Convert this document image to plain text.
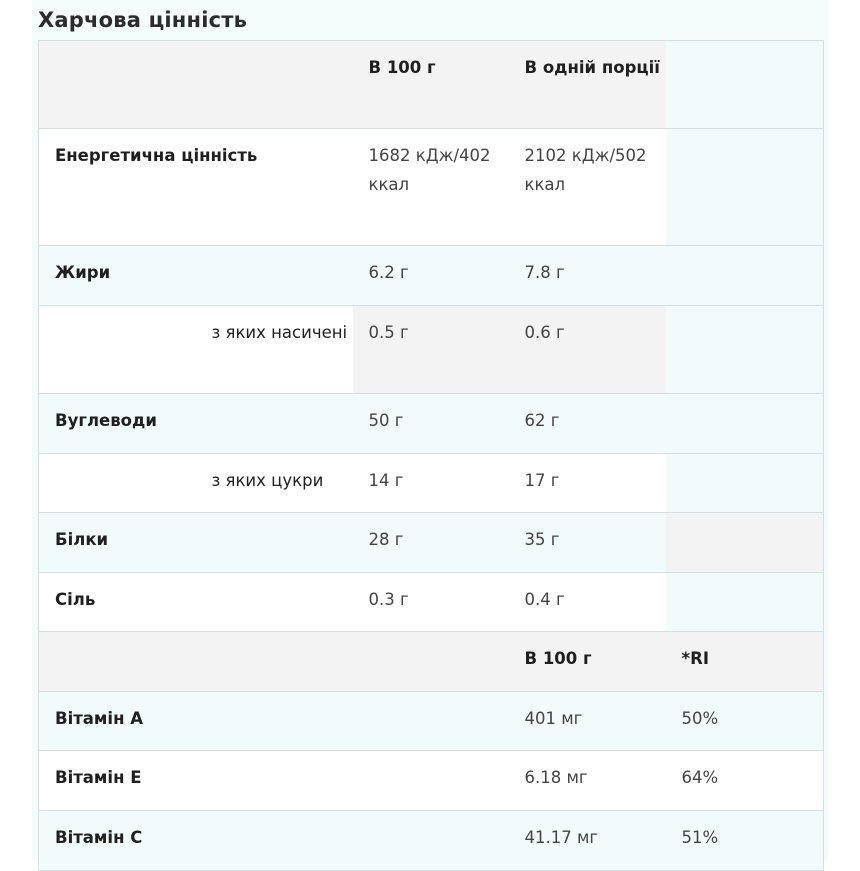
Харчова цінність
		В 100 г	В одній порції	
Енергетична цінність		1682 кДж/402 ккал	2102 кДж/502 ккал	
Жири		6.2 г	7.8 г	
	з яких насичені	0.5 г	0.6 г	
Вуглеводи		50 г	62 г	
	з яких цукри	14 г	17 г	
Білки		28 г	35 г	
Сіль		0.3 г	0.4 г	
			В 100 г	*RI
Вітамін A			401 мг	50%
Вітамін E			6.18 мг	64%
Вітамін C			41.17 мг	51%
